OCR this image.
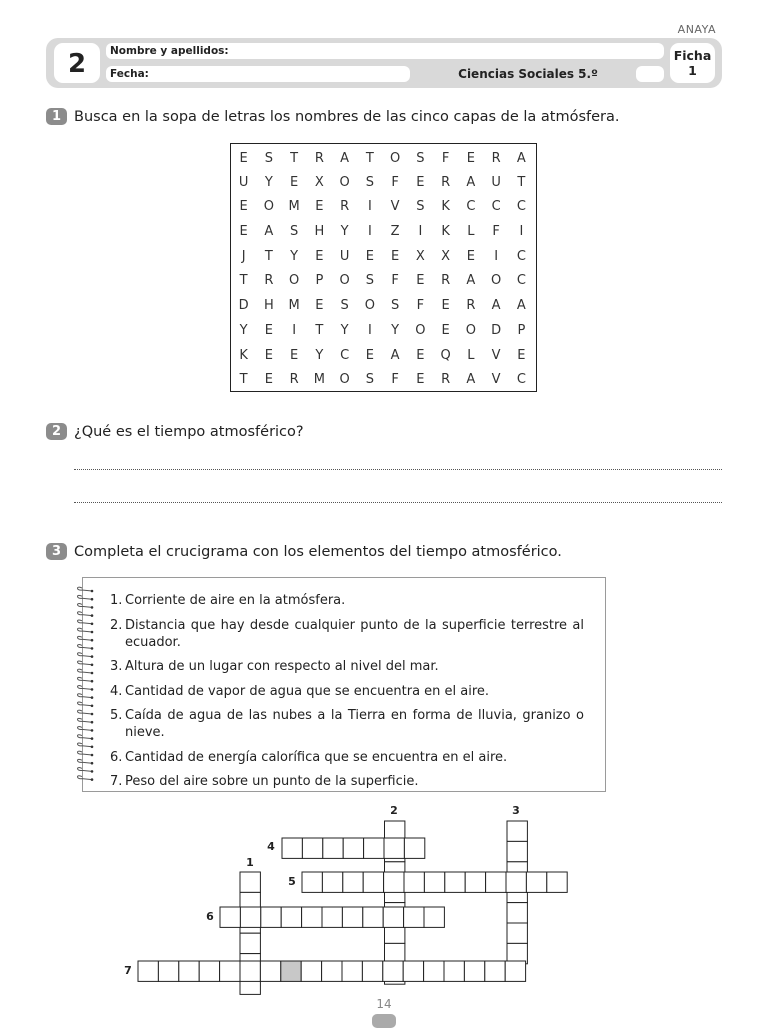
ANAYA
2	Nombre y apellidos:
Fecha:	Ciencias Sociales 5.º
Ficha
1
1 Busca en la sopa de letras los nombres de las cinco capas de la atmósfera.
E	S	T	R	A	T	O	S	F	E	R	A
U	Y	E	X	O	S	F	E	R	A	U	T
E	O	M	E	R	I	V	S	K	C	C	C
E	A	S	H	Y	I	Z	I	K	L	F	I
J	T	Y	E	U	E	E	X	X	E	I	C
T	R	O	P	O	S	F	E	R	A	O	C
D	H	M	E	S	O	S	F	E	R	A	A
Y	E	I	T	Y	I	Y	O	E	O	D	P
K	E	E	Y	C	E	A	E	Q	L	V	E
T	E	R	M	O	S	F	E	R	A	V	C
2 ¿Qué es el tiempo atmosférico?
3 Completa el crucigrama con los elementos del tiempo atmosférico.
1. Corriente de aire en la atmósfera.
2. Distancia que hay desde cualquier punto de la superficie terrestre al ecuador.
3. Altura de un lugar con respecto al nivel del mar.
4. Cantidad de vapor de agua que se encuentra en el aire.
5. Caída de agua de las nubes a la Tierra en forma de lluvia, granizo o nieve.
6. Cantidad de energía calorífica que se encuentra en el aire.
7. Peso del aire sobre un punto de la superficie.
1
2	3
4
5
6
7
14
